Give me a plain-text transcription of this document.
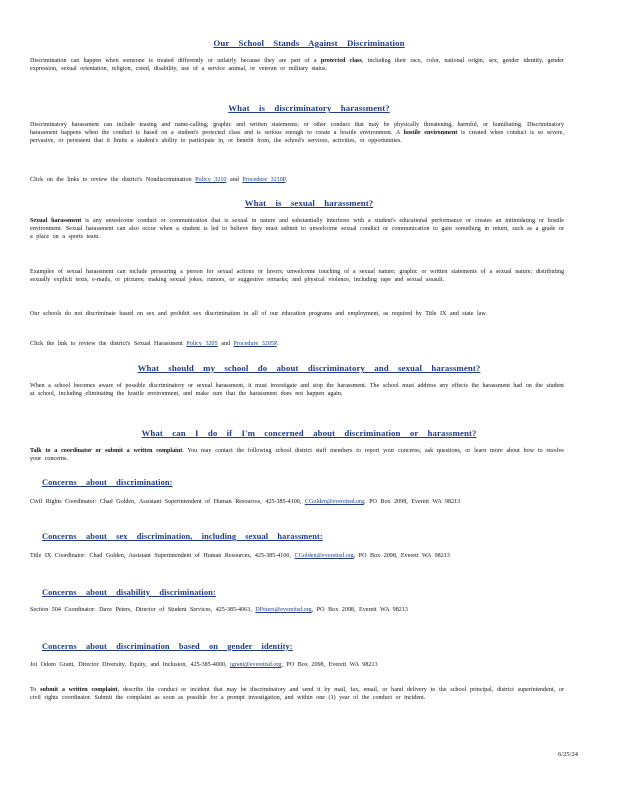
Our School Stands Against Discrimination
Discrimination can happen when someone is treated differently or unfairly because they are part of a protected class, including their race, color, national origin, sex, gender identity, gender expression, sexual orientation, religion, creed, disability, use of a service animal, or veteran or military status.
What is discriminatory harassment?
Discriminatory harassment can include teasing and name-calling; graphic and written statements; or other conduct that may be physically threatening, harmful, or humiliating. Discriminatory harassment happens when the conduct is based on a student's protected class and is serious enough to create a hostile environment. A hostile environment is created when conduct is so severe, pervasive, or persistent that it limits a student's ability to participate in, or benefit from, the school's services, activities, or opportunities.
Click on the links to review the district's Nondiscrimination Policy 3210 and Procedure 3210P.
What is sexual harassment?
Sexual harassment is any unwelcome conduct or communication that is sexual in nature and substantially interferes with a student's educational performance or creates an intimidating or hostile environment. Sexual harassment can also occur when a student is led to believe they must submit to unwelcome sexual conduct or communication to gain something in return, such as a grade or a place on a sports team.
Examples of sexual harassment can include pressuring a person for sexual actions or favors; unwelcome touching of a sexual nature; graphic or written statements of a sexual nature; distributing sexually explicit texts, e-mails, or pictures; making sexual jokes, rumors, or suggestive remarks; and physical violence, including rape and sexual assault.
Our schools do not discriminate based on sex and prohibit sex discrimination in all of our education programs and employment, as required by Title IX and state law.
Click the link to review the district's Sexual Harassment Policy 3205 and Procedure 3205P.
What should my school do about discriminatory and sexual harassment?
When a school becomes aware of possible discriminatory or sexual harassment, it must investigate and stop the harassment. The school must address any effects the harassment had on the student at school, including eliminating the hostile environment, and make sure that the harassment does not happen again.
What can I do if I'm concerned about discrimination or harassment?
Talk to a coordinator or submit a written complaint. You may contact the following school district staff members to report your concerns, ask questions, or learn more about how to resolve your concerns.
Concerns about discrimination:
Civil Rights Coordinator: Chad Golden, Assistant Superintendent of Human Resources, 425-385-4100, CGolden@everettsd.org, PO Box 2098, Everett WA 98213
Concerns about sex discrimination, including sexual harassment:
Title IX Coordinator: Chad Golden, Assistant Superintendent of Human Resources, 425-385-4100, CGolden@everettsd.org, PO Box 2098, Everett WA 98213
Concerns about disability discrimination:
Section 504 Coordinator: Dave Peters, Director of Student Services, 425-385-4063, DPeters@everettsd.org, PO Box 2098, Everett WA 98213
Concerns about discrimination based on gender identity:
Joi Odom Grant, Director Diversity, Equity, and Inclusion, 425-385-4000, jgrant@everettsd.org, PO Box 2098, Everett WA 98213
To submit a written complaint, describe the conduct or incident that may be discriminatory and send it by mail, fax, email, or hand delivery to the school principal, district superintendent, or civil rights coordinator. Submit the complaint as soon as possible for a prompt investigation, and within one (1) year of the conduct or incident.
6/25/24
